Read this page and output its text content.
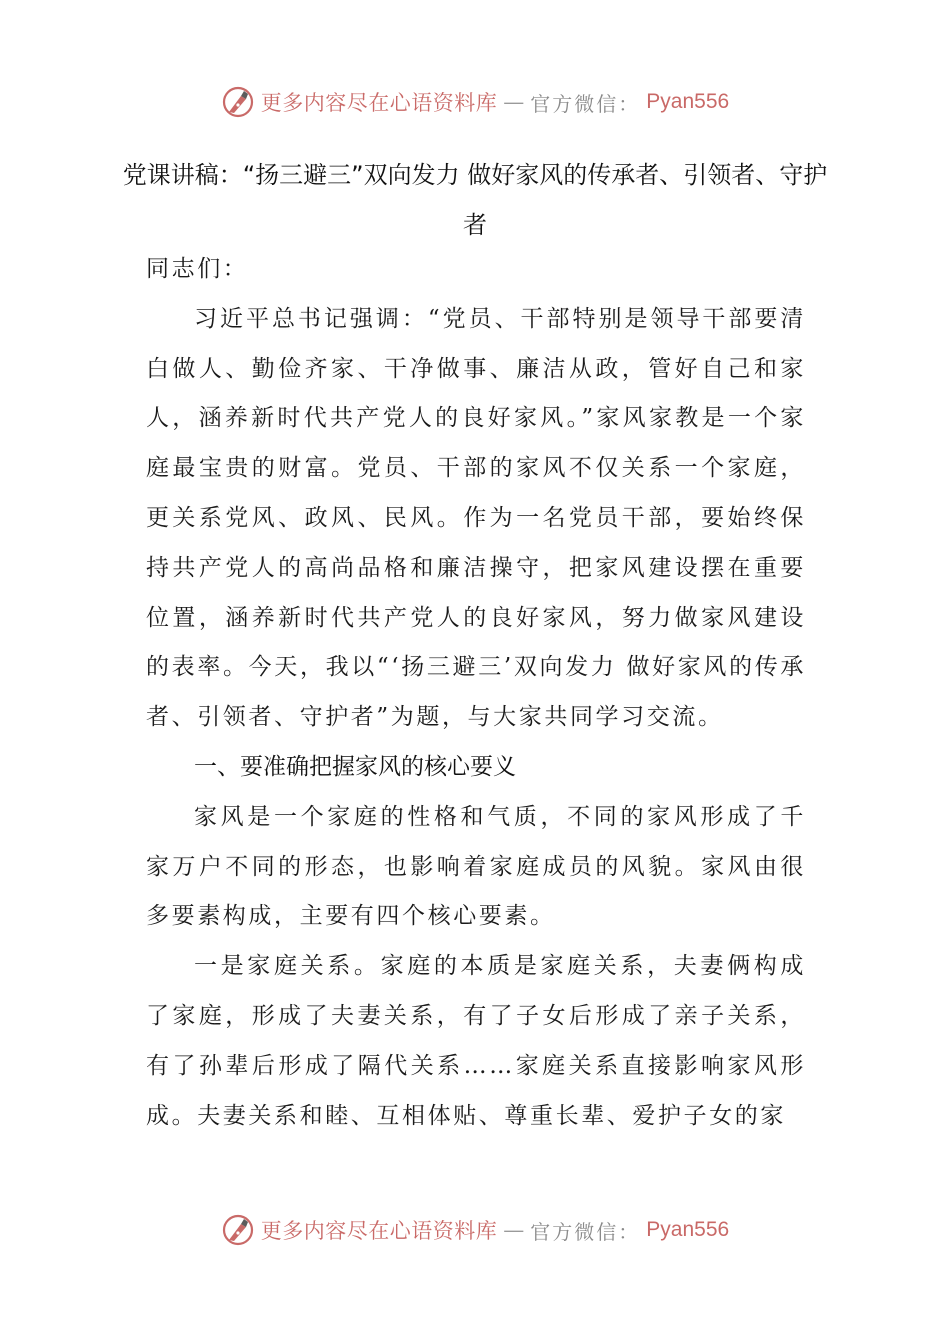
更多内容尽在心语资料库 — 官方微信： Pyan556
党课讲稿：“扬三避三”双向发力 做好家风的传承者、引领者、守护者

同志们：

习近平总书记强调：“党员、干部特别是领导干部要清白做人、勤俭齐家、干净做事、廉洁从政，管好自己和家人，涵养新时代共产党人的良好家风。”家风家教是一个家庭最宝贵的财富。党员、干部的家风不仅关系一个家庭，更关系党风、政风、民风。作为一名党员干部，要始终保持共产党人的高尚品格和廉洁操守，把家风建设摆在重要位置，涵养新时代共产党人的良好家风，努力做家风建设的表率。今天，我以“‘扬三避三’双向发力 做好家风的传承者、引领者、守护者”为题，与大家共同学习交流。

一、要准确把握家风的核心要义

家风是一个家庭的性格和气质，不同的家风形成了千家万户不同的形态，也影响着家庭成员的风貌。家风由很多要素构成，主要有四个核心要素。

一是家庭关系。家庭的本质是家庭关系，夫妻俩构成了家庭，形成了夫妻关系，有了子女后形成了亲子关系，有了孙辈后形成了隔代关系……家庭关系直接影响家风形成。夫妻关系和睦、互相体贴、尊重长辈、爱护子女的家

更多内容尽在心语资料库 — 官方微信： Pyan556
